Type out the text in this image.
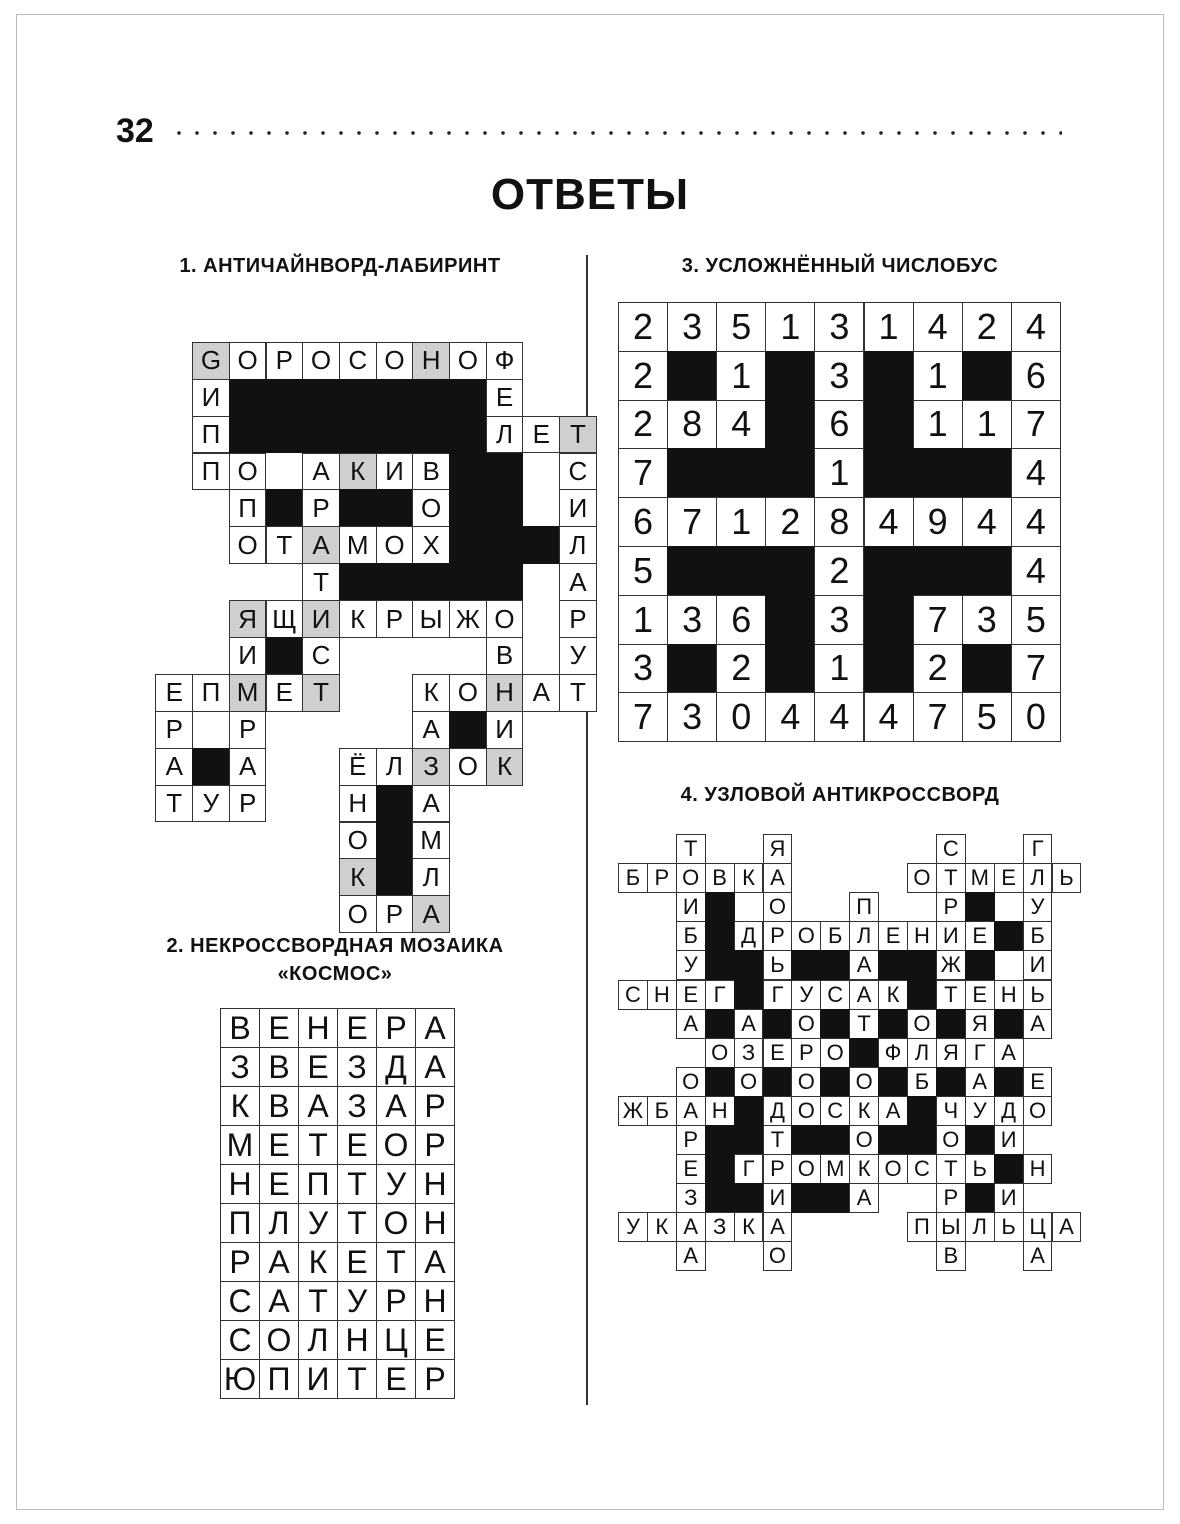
32
ОТВЕТЫ
1. АНТИЧАЙНВОРД-ЛАБИРИНТ
2. НЕКРОССВОРДНАЯ МОЗАИКА
«КОСМОС»
3. УСЛОЖНЁННЫЙ ЧИСЛОБУС
4. УЗЛОВОЙ АНТИКРОССВОРД
G О Р О С О Н О Ф
И	Е
П	Л Е Т
П О	А К И В	С
П	Р	О	И
О Т А М О Х	Л
Т	А
Я Щ И К Р Ы Ж О	Р
И	С	В	У
Е П М Е Т	К О Н А Т
Р	Р	А	И
А	А	Ё Л З О К
Т У Р	Н	А
О	М
К	Л
О Р А
В Е Н Е Р А
З В Е З Д А
К В А З А Р
М Е Т Е О Р
Н Е П Т У Н
П Л У Т О Н
Р А К Е Т А
С А Т У Р Н
С О Л Н Ц Е
Ю П И Т Е Р
2 3 5 1 3 1 4 2 4
2	1	3	1	6
2 8 4	6	1 1 7
7	1	4
6 7 1 2 8 4 9 4 4
5	2	4
1 3 6	3	7 3 5
3	2	1	2	7
7 3 0 4 4 4 7 5 0
Т	Я	С	Г
Б Р О В К А	О Т М Е Л Ь
И	О	П	Р	У
Б	Д Р О Б Л Е Н И Е	Б
У	Ь	А	Ж	И
С Н Е Г	Г У С А К	Т Е Н Ь
А	А	О	Т	О	Я	А
О З Е Р О Ф Л Я Г А
О О О О	Б	А	Е
Ж Б А Н	Д О С К А	Ч У Д О
Р	Т	О	О	И
Е	Г Р О М К О С Т Ь	Н
З	И	А	Р	И
У К А З К А	П Ы Л Ь Ц А
А	О	В	А
